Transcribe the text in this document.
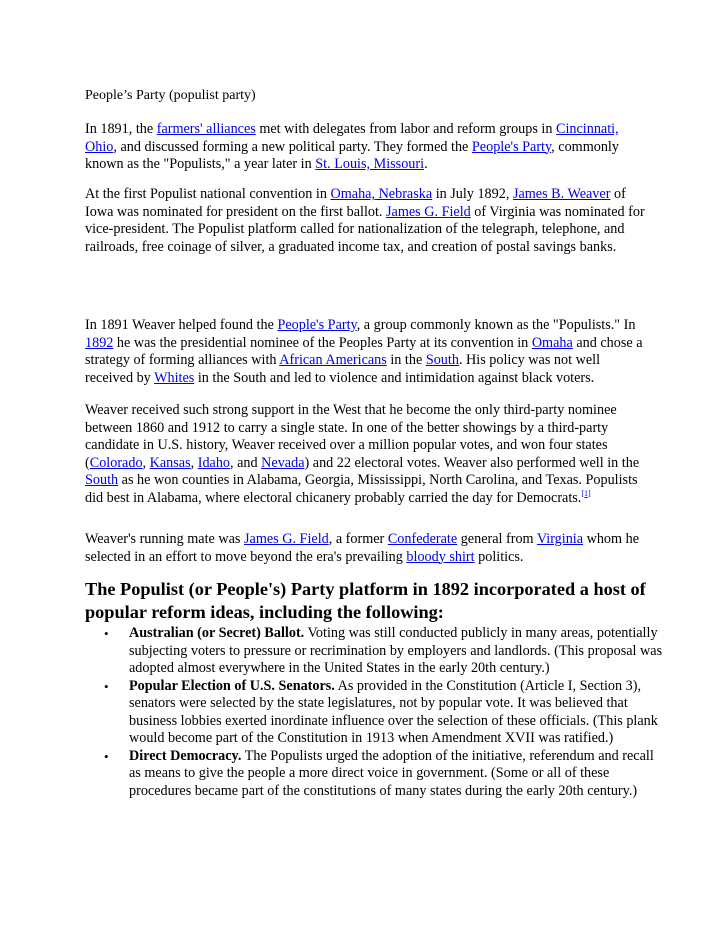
People’s Party (populist party)

In 1891, the farmers' alliances met with delegates from labor and reform groups in Cincinnati, Ohio, and discussed forming a new political party. They formed the People's Party, commonly known as the "Populists," a year later in St. Louis, Missouri.

At the first Populist national convention in Omaha, Nebraska in July 1892, James B. Weaver of Iowa was nominated for president on the first ballot. James G. Field of Virginia was nominated for vice-president. The Populist platform called for nationalization of the telegraph, telephone, and railroads, free coinage of silver, a graduated income tax, and creation of postal savings banks.

In 1891 Weaver helped found the People's Party, a group commonly known as the "Populists." In 1892 he was the presidential nominee of the Peoples Party at its convention in Omaha and chose a strategy of forming alliances with African Americans in the South. His policy was not well received by Whites in the South and led to violence and intimidation against black voters.

Weaver received such strong support in the West that he become the only third-party nominee between 1860 and 1912 to carry a single state. In one of the better showings by a third-party candidate in U.S. history, Weaver received over a million popular votes, and won four states (Colorado, Kansas, Idaho, and Nevada) and 22 electoral votes. Weaver also performed well in the South as he won counties in Alabama, Georgia, Mississippi, North Carolina, and Texas. Populists did best in Alabama, where electoral chicanery probably carried the day for Democrats.[1]

Weaver's running mate was James G. Field, a former Confederate general from Virginia whom he selected in an effort to move beyond the era's prevailing bloody shirt politics.

The Populist (or People's) Party platform in 1892 incorporated a host of popular reform ideas, including the following:
• Australian (or Secret) Ballot. Voting was still conducted publicly in many areas, potentially subjecting voters to pressure or recrimination by employers and landlords. (This proposal was adopted almost everywhere in the United States in the early 20th century.)
• Popular Election of U.S. Senators. As provided in the Constitution (Article I, Section 3), senators were selected by the state legislatures, not by popular vote. It was believed that business lobbies exerted inordinate influence over the selection of these officials. (This plank would become part of the Constitution in 1913 when Amendment XVII was ratified.)
• Direct Democracy. The Populists urged the adoption of the initiative, referendum and recall as means to give the people a more direct voice in government. (Some or all of these procedures became part of the constitutions of many states during the early 20th century.)
